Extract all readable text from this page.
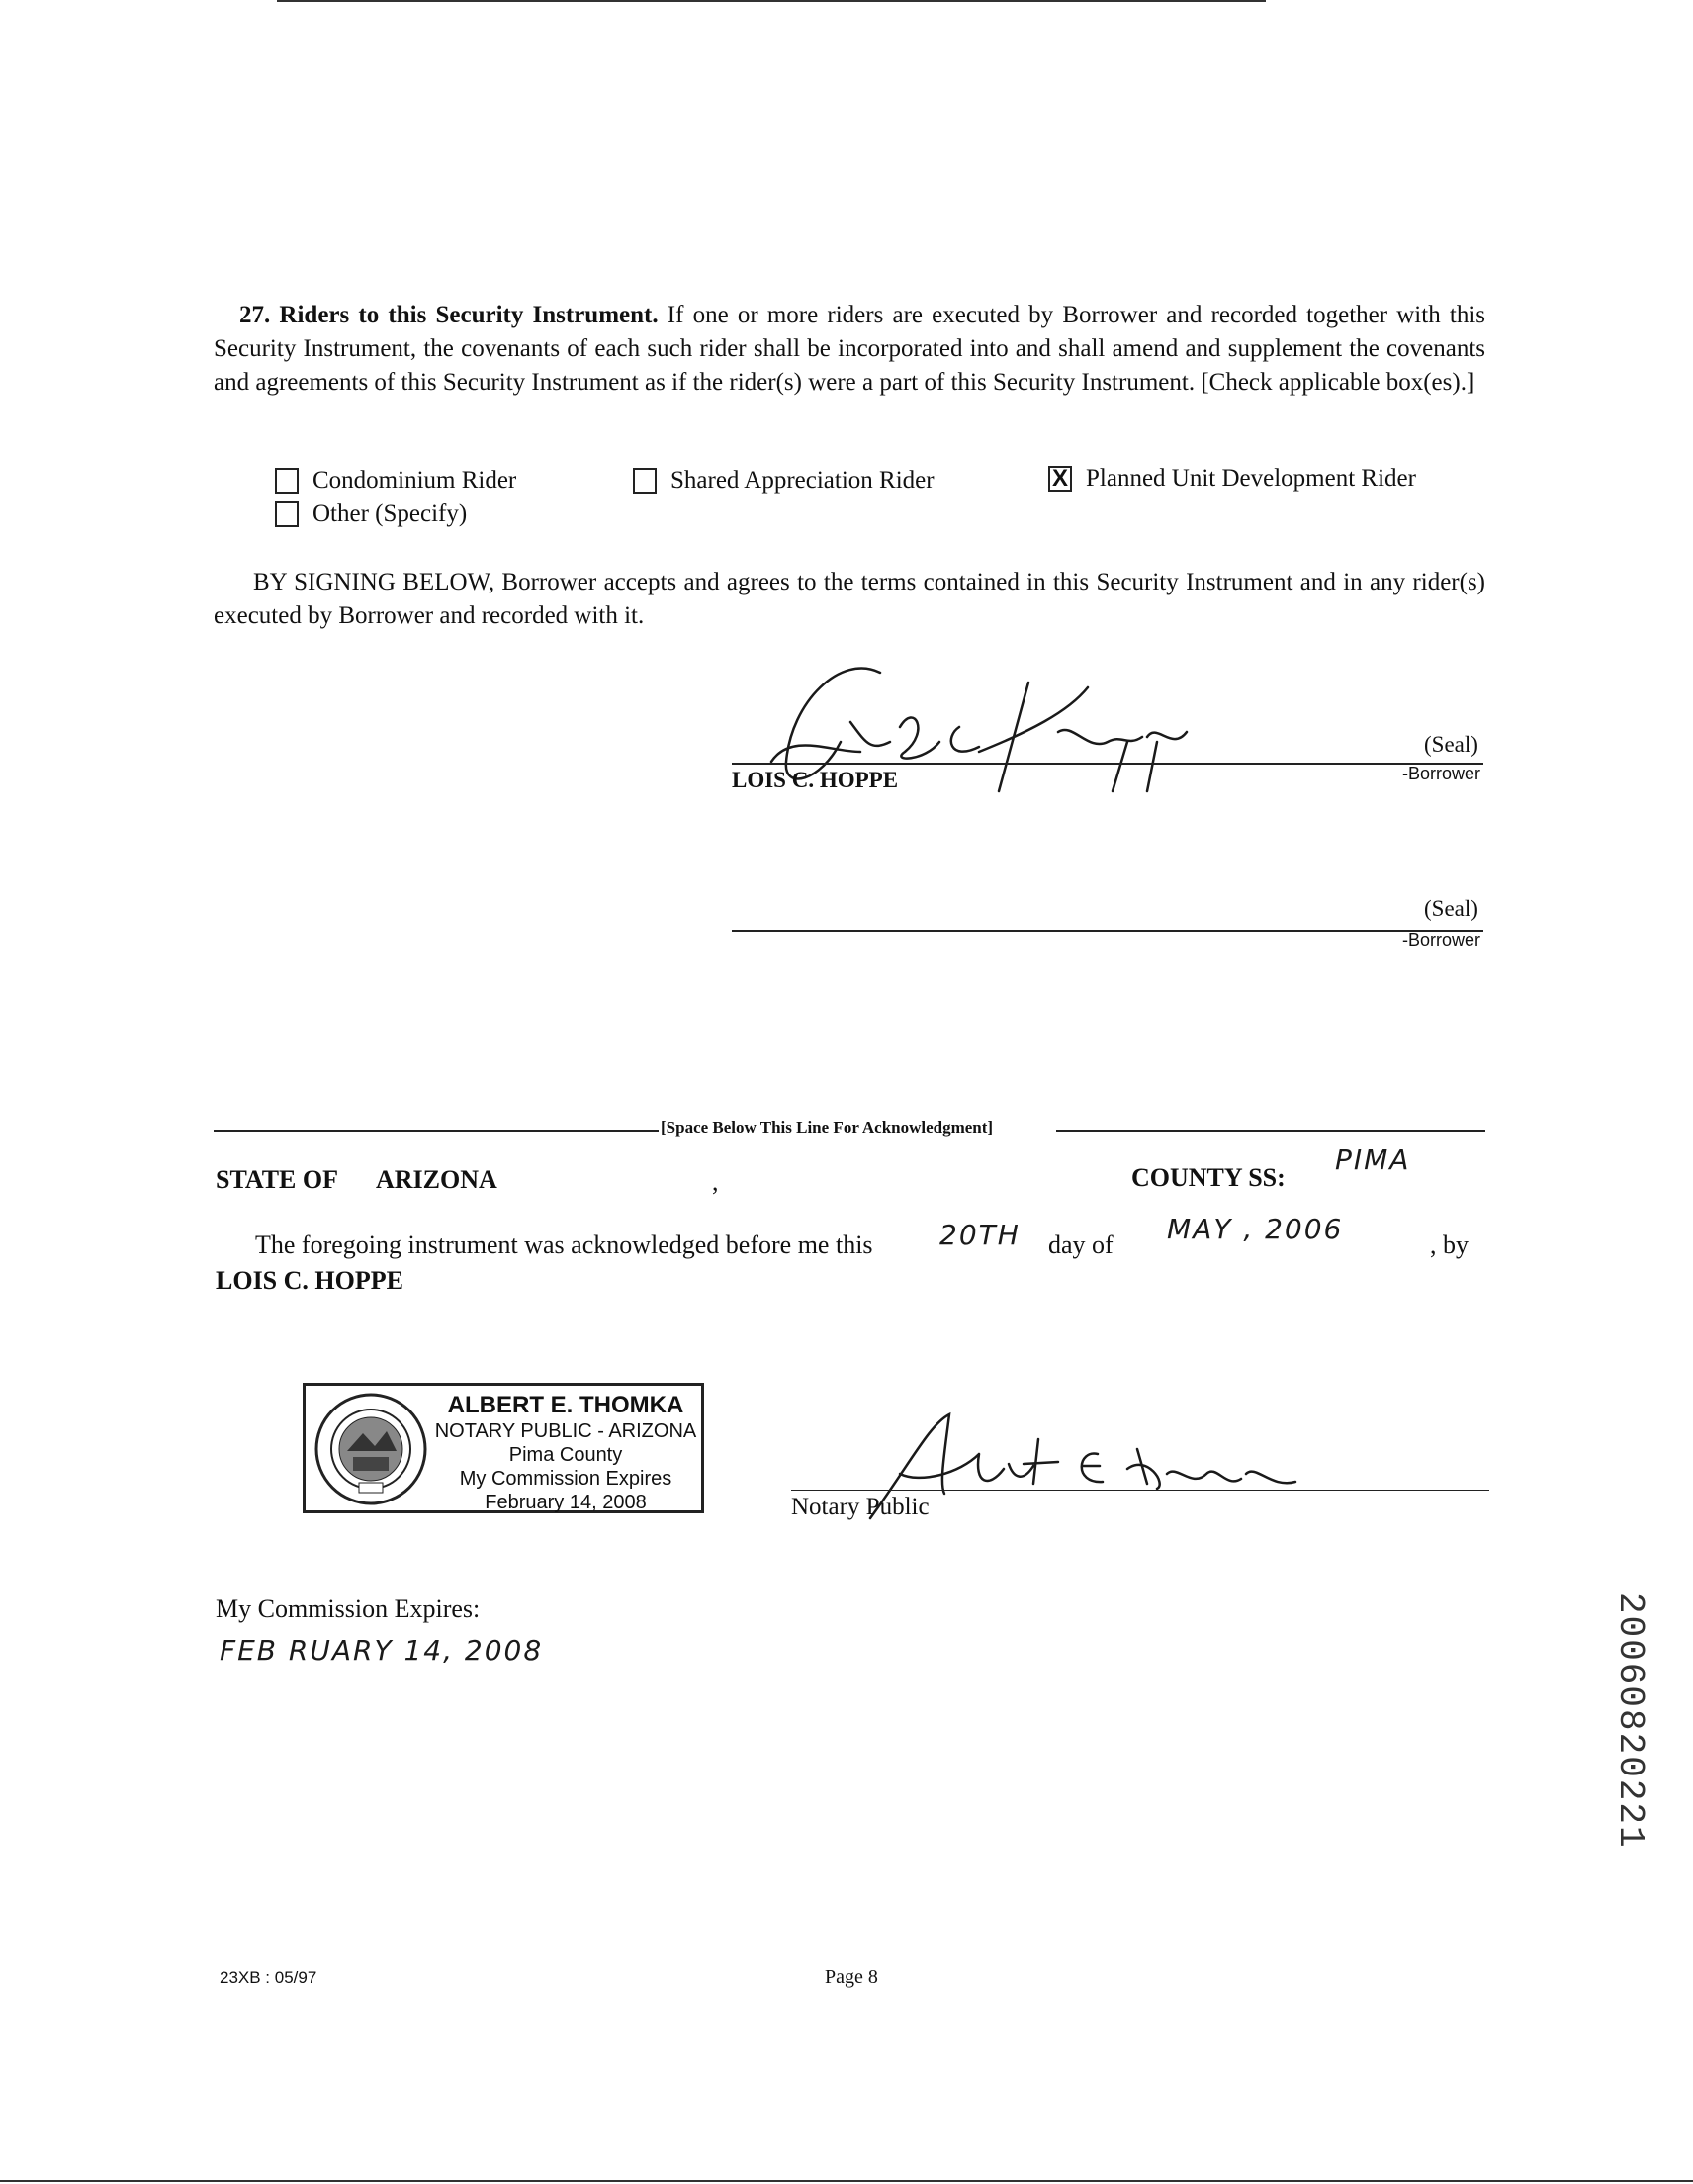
27. Riders to this Security Instrument. If one or more riders are executed by Borrower and recorded together with this Security Instrument, the covenants of each such rider shall be incorporated into and shall amend and supplement the covenants and agreements of this Security Instrument as if the rider(s) were a part of this Security Instrument. [Check applicable box(es).]
Condominium Rider	Shared Appreciation Rider
X	Planned Unit Development Rider
Other (Specify)
BY SIGNING BELOW, Borrower accepts and agrees to the terms contained in this Security Instrument and in any rider(s) executed by Borrower and recorded with it.
LOIS C. HOPPE
(Seal)
-Borrower
(Seal)
-Borrower
[Space Below This Line For Acknowledgment]
STATE OF ARIZONA	,	COUNTY SS:
PIMA
The foregoing instrument was acknowledged before me this 20TH day of MAY , 2006	, by
LOIS C. HOPPE
ALBERT E. THOMKA
NOTARY PUBLIC - ARIZONA
Pima County
My Commission Expires
February 14, 2008	Notary Public
My Commission Expires:
FEB RUARY 14, 2008	20060820221
23XB : 05/97	Page 8
